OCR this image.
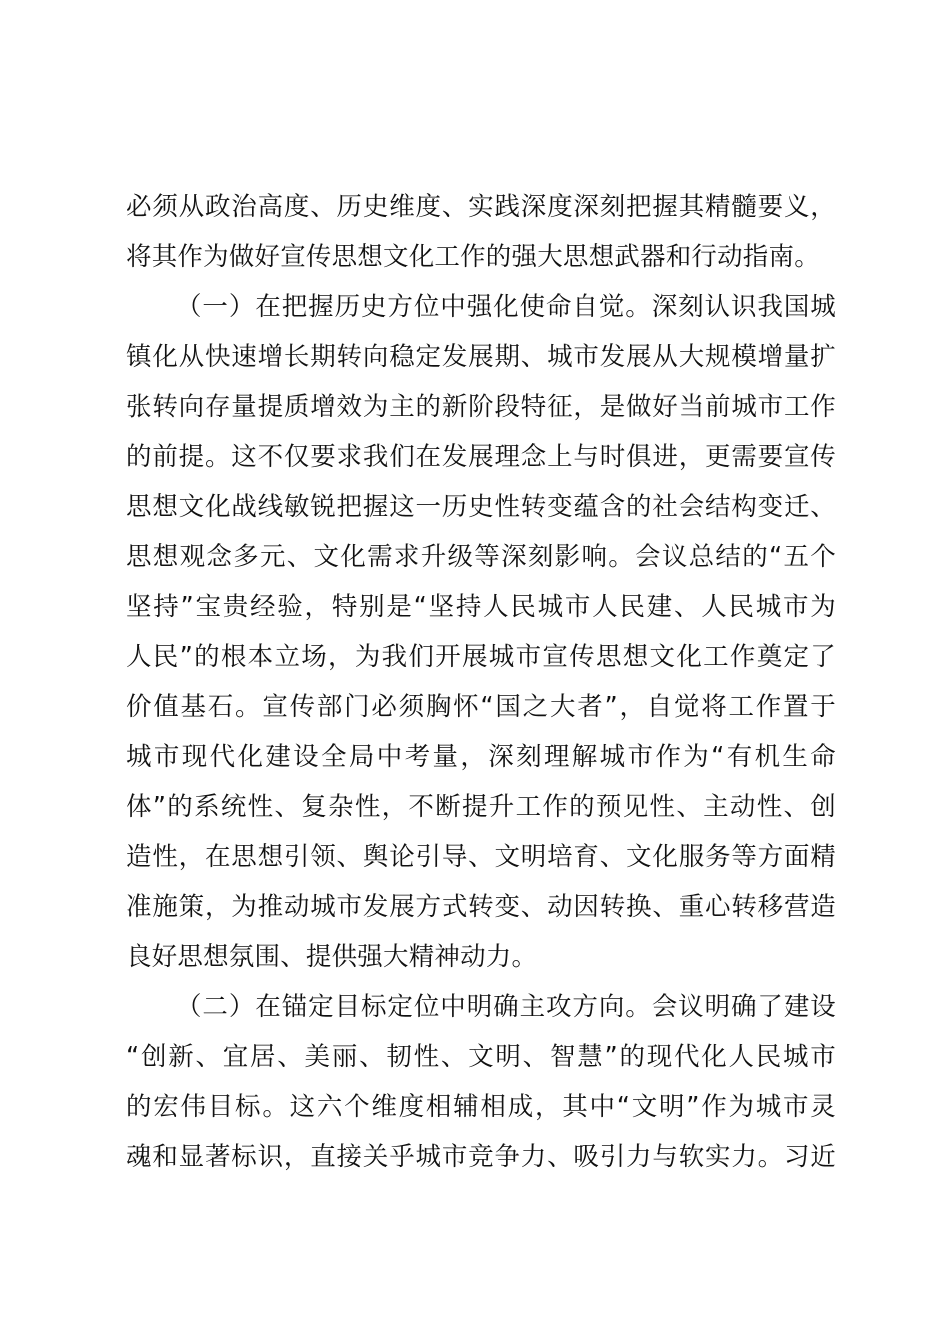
必须从政治高度、历史维度、实践深度深刻把握其精髓要义，
将其作为做好宣传思想文化工作的强大思想武器和行动指南。
（一）在把握历史方位中强化使命自觉。深刻认识我国城
镇化从快速增长期转向稳定发展期、城市发展从大规模增量扩
张转向存量提质增效为主的新阶段特征，是做好当前城市工作
的前提。这不仅要求我们在发展理念上与时俱进，更需要宣传
思想文化战线敏锐把握这一历史性转变蕴含的社会结构变迁、
思想观念多元、文化需求升级等深刻影响。会议总结的“五个
坚持”宝贵经验，特别是“坚持人民城市人民建、人民城市为
人民”的根本立场，为我们开展城市宣传思想文化工作奠定了
价值基石。宣传部门必须胸怀“国之大者”，自觉将工作置于
城市现代化建设全局中考量，深刻理解城市作为“有机生命
体”的系统性、复杂性，不断提升工作的预见性、主动性、创
造性，在思想引领、舆论引导、文明培育、文化服务等方面精
准施策，为推动城市发展方式转变、动因转换、重心转移营造
良好思想氛围、提供强大精神动力。
（二）在锚定目标定位中明确主攻方向。会议明确了建设
“创新、宜居、美丽、韧性、文明、智慧”的现代化人民城市
的宏伟目标。这六个维度相辅相成，其中“文明”作为城市灵
魂和显著标识，直接关乎城市竞争力、吸引力与软实力。习近
